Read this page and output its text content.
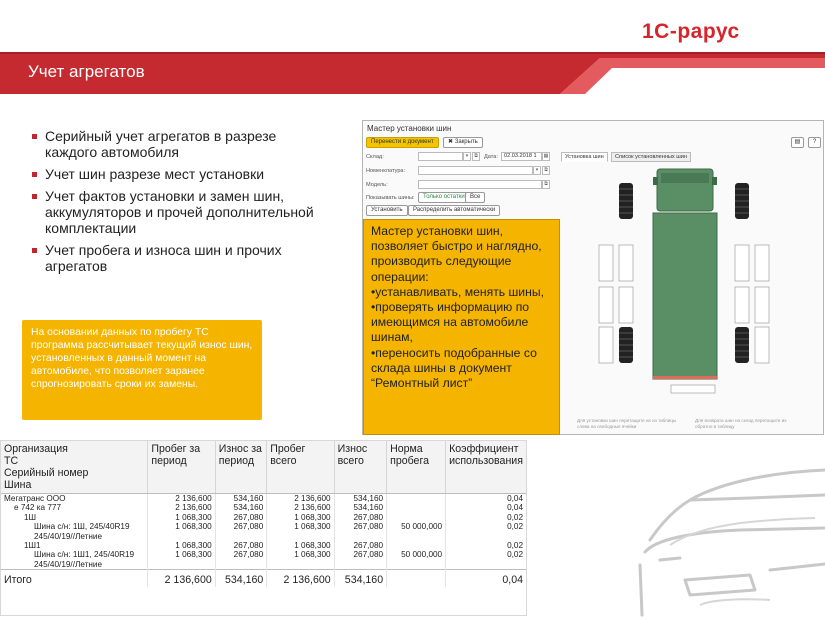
1С-рарус
Учет агрегатов
Серийный учет агрегатов в разрезе каждого автомобиля
Учет шин разрезе мест установки
Учет фактов установки и замен шин, аккумуляторов и прочей дополнительной комплектации
Учет пробега и износа шин и прочих агрегатов
На основании данных по пробегу ТС программа рассчитывает текущий износ шин, установленных в данный момент на автомобиле, что позволяет заранее спрогнозировать сроки их замены.
Мастер установки шин
Перенести в документ	✖ Закрыть	▤	?
Склад:	▾	⧉	Дата:	02.03.2018 1	▦
Номенклатура:	▾	⧉
Модель:	⧉
Показывать шины:	Только остатки Все
Установить	Распределить автоматически
Установка шин	Список установленных шин
Для установки шин перетащите их из таблицы слева на свободные ячейки
Для возврата шин на склад перетащите их обратно в таблицу
Мастер установки шин, позволяет быстро и наглядно, производить следующие операции:
•устанавливать, менять шины,
•проверять информацию по имеющимся на автомобиле шинам,
•переносить подобранные со склада шины в документ “Ремонтный лист”
Организация
ТС
Серийный номер
Шина	Пробег за период	Износ за период	Пробег всего	Износ всего	Норма пробега	Коэффициент использования
Мегатранс ООО	2 136,600	534,160	2 136,600	534,160		0,04
е 742 ка 777	2 136,600	534,160	2 136,600	534,160		0,04
1Ш	1 068,300	267,080	1 068,300	267,080		0,02
Шина с/н: 1Ш, 245/40R19 245/40/19//Летние	1 068,300	267,080	1 068,300	267,080	50 000,000	0,02
1Ш1	1 068,300	267,080	1 068,300	267,080		0,02
Шина с/н: 1Ш1, 245/40R19 245/40/19//Летние	1 068,300	267,080	1 068,300	267,080	50 000,000	0,02
Итого	2 136,600	534,160	2 136,600	534,160		0,04
